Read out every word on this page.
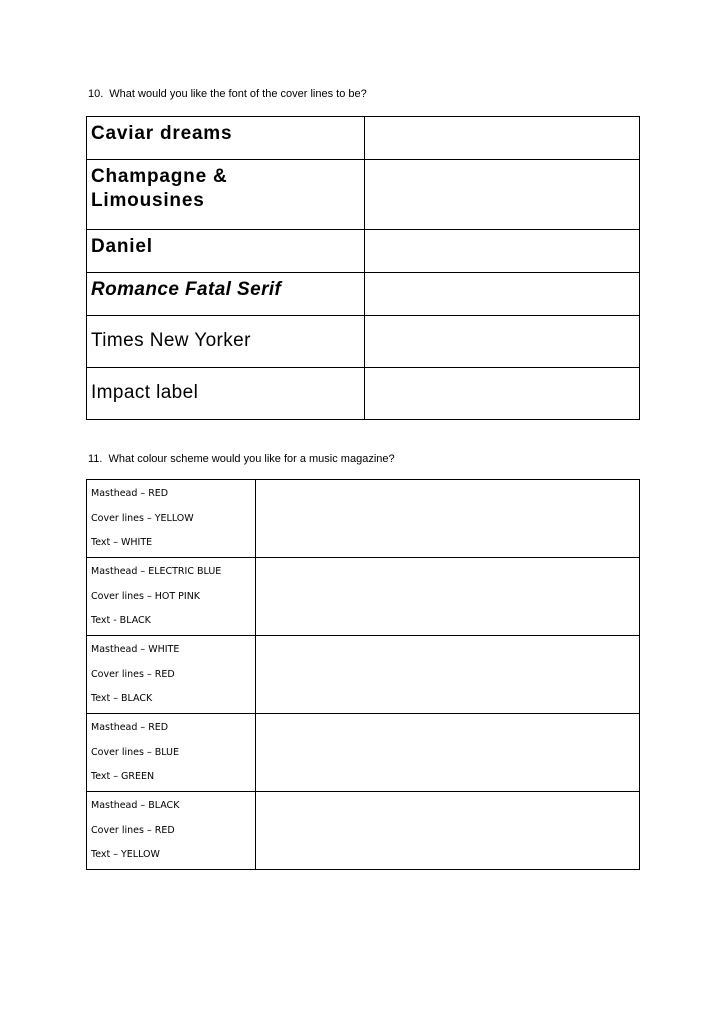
10. What would you like the font of the cover lines to be?
Caviar dreams	

Champagne &
Limousines	

Daniel	
Romance Fatal Serif	
Times New Yorker	
Impact label	
11. What colour scheme would you like for a music magazine?
Masthead – RED
Cover lines – YELLOW
Text – WHITE	

Masthead – ELECTRIC BLUE
Cover lines – HOT PINK
Text - BLACK	

Masthead – WHITE
Cover lines – RED
Text – BLACK	

Masthead – RED
Cover lines – BLUE
Text – GREEN	

Masthead – BLACK
Cover lines – RED
Text – YELLOW	
